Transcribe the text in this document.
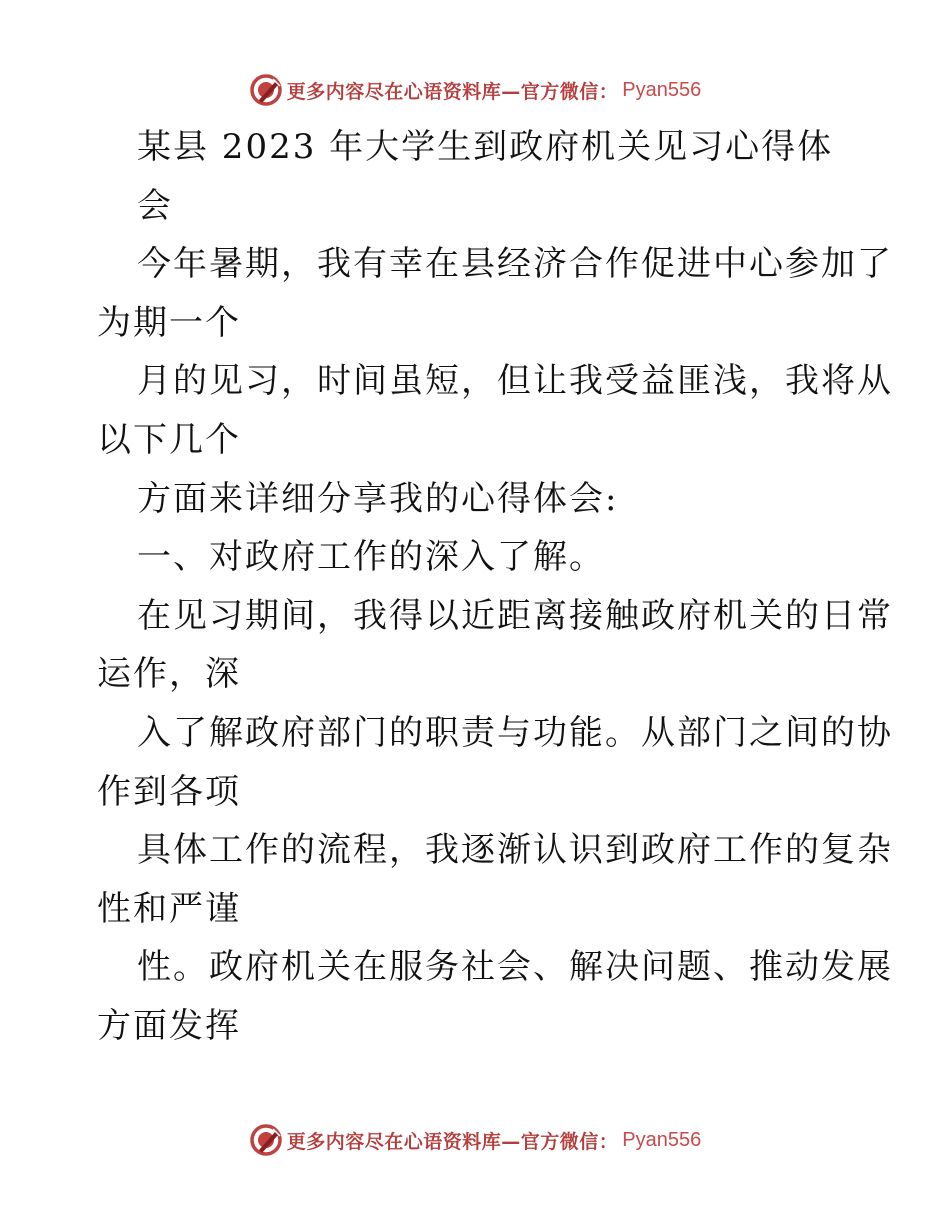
更多内容尽在心语资料库—官方微信： Pyan556
某县 2023 年大学生到政府机关见习心得体
会
今年暑期，我有幸在县经济合作促进中心参加了
为期一个
月的见习，时间虽短，但让我受益匪浅，我将从
以下几个
方面来详细分享我的心得体会:
一、对政府工作的深入了解。
在见习期间，我得以近距离接触政府机关的日常
运作，深
入了解政府部门的职责与功能。从部门之间的协
作到各项
具体工作的流程，我逐渐认识到政府工作的复杂
性和严谨
性。政府机关在服务社会、解决问题、推动发展
方面发挥
更多内容尽在心语资料库—官方微信： Pyan556
